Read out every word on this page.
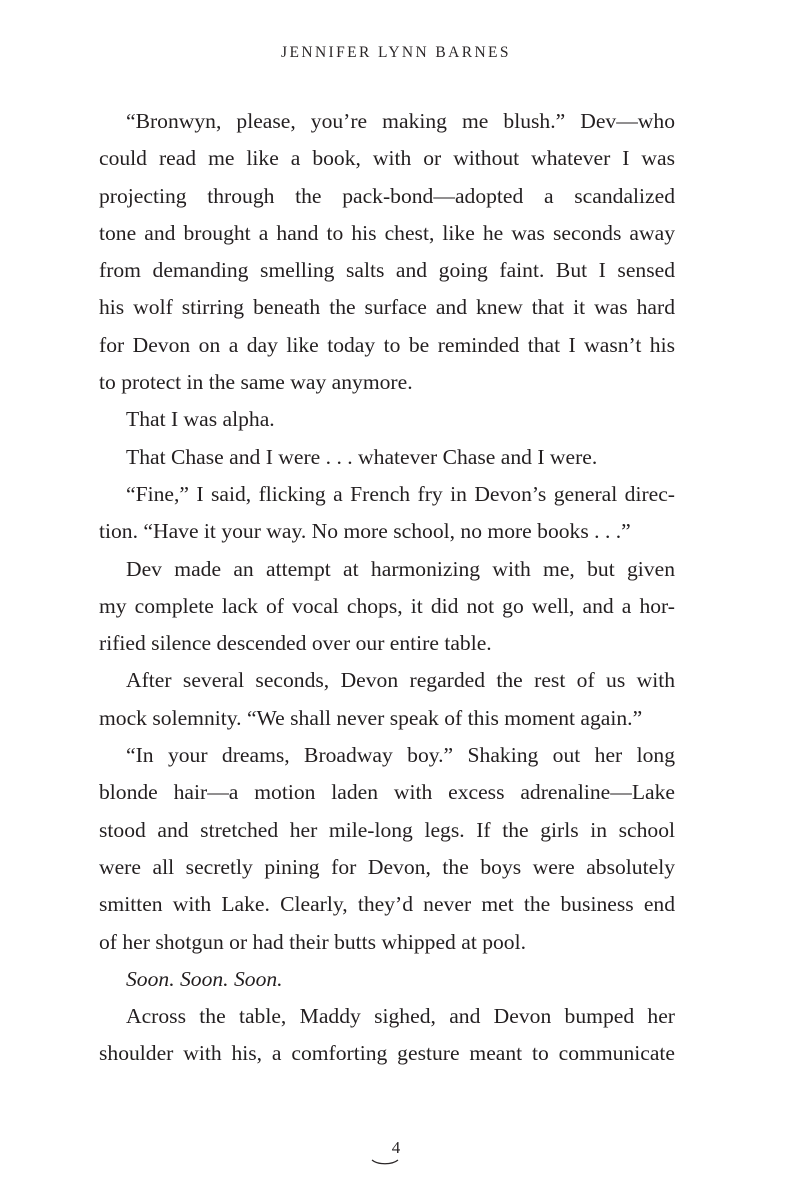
JENNIFER LYNN BARNES

“Bronwyn, please, you’re making me blush.” Dev—who

could read me like a book, with or without whatever I was

projecting through the pack-bond—adopted a scandalized

tone and brought a hand to his chest, like he was seconds away

from demanding smelling salts and going faint. But I sensed

his wolf stirring beneath the surface and knew that it was hard

for Devon on a day like today to be reminded that I wasn’t his

to protect in the same way anymore.

That I was alpha.

That Chase and I were . . . whatever Chase and I were.

“Fine,” I said, flicking a French fry in Devon’s general direc-

tion. “Have it your way. No more school, no more books . . .”

Dev made an attempt at harmonizing with me, but given

my complete lack of vocal chops, it did not go well, and a hor-

rified silence descended over our entire table.

After several seconds, Devon regarded the rest of us with

mock solemnity. “We shall never speak of this moment again.”

“In your dreams, Broadway boy.” Shaking out her long

blonde hair—a motion laden with excess adrenaline—Lake

stood and stretched her mile-long legs. If the girls in school

were all secretly pining for Devon, the boys were absolutely

smitten with Lake. Clearly, they’d never met the business end

of her shotgun or had their butts whipped at pool.

Soon. Soon. Soon.

Across the table, Maddy sighed, and Devon bumped her

shoulder with his, a comforting gesture meant to communicate

4
